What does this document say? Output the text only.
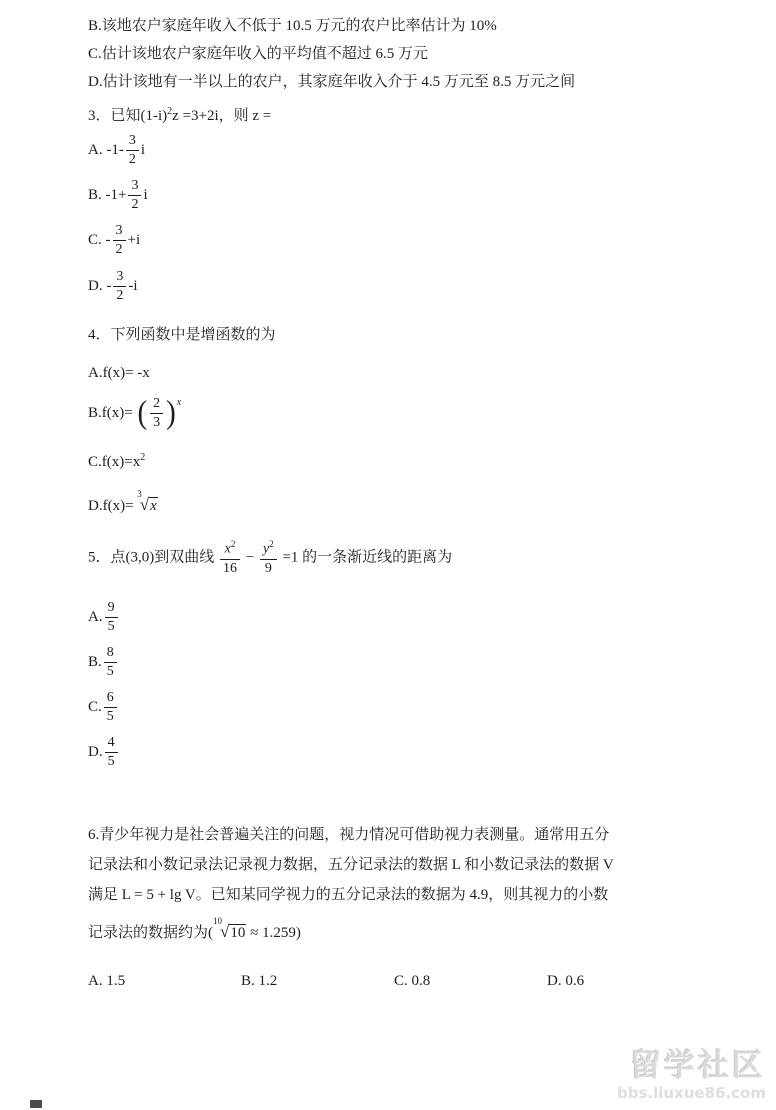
B.该地农户家庭年收入不低于 10.5 万元的农户比率估计为 10%
C.估计该地农户家庭年收入的平均值不超过 6.5 万元
D.估计该地有一半以上的农户，其家庭年收入介于 4.5 万元至 8.5 万元之间
3．已知$(1-i)^2z =3+2i$，则 z =
A. $-1- \frac{3}{2}$ i
B. $-1+ \frac{3}{2}$ i
C. - $\frac{3}{2} +i$
D. - $\frac{3}{2} -i$
4．下列函数中是增函数的为
A.f(x)= -x
B.f(x)= ( $\frac{2}{3} )^x$
$C.f(x)=x^2$
D.f(x)= $^3$√x
5．点(3,0)到双曲线 $\frac{x^2}{16} - \frac{y^2}{9} =1$ 的一条渐近线的距离为
A. $\frac{9}{5}$
B. $\frac{8}{5}$
C. $\frac{6}{5}$
D. $\frac{4}{5}$
6.青少年视力是社会普遍关注的问题，视力情况可借助视力表测量。通常用五分
记录法和小数记录法记录视力数据，五分记录法的数据 L 和小数记录法的数据 V
满足 L = 5 + lg V。已知某同学视力的五分记录法的数据为 4.9，则其视力的小数
记录法的数据约为($^{10}$√10 ≈ 1.259)
A. 1.5	B. 1.2	C. 0.8	D. 0.6
留学社区
bbs.liuxue86.com
